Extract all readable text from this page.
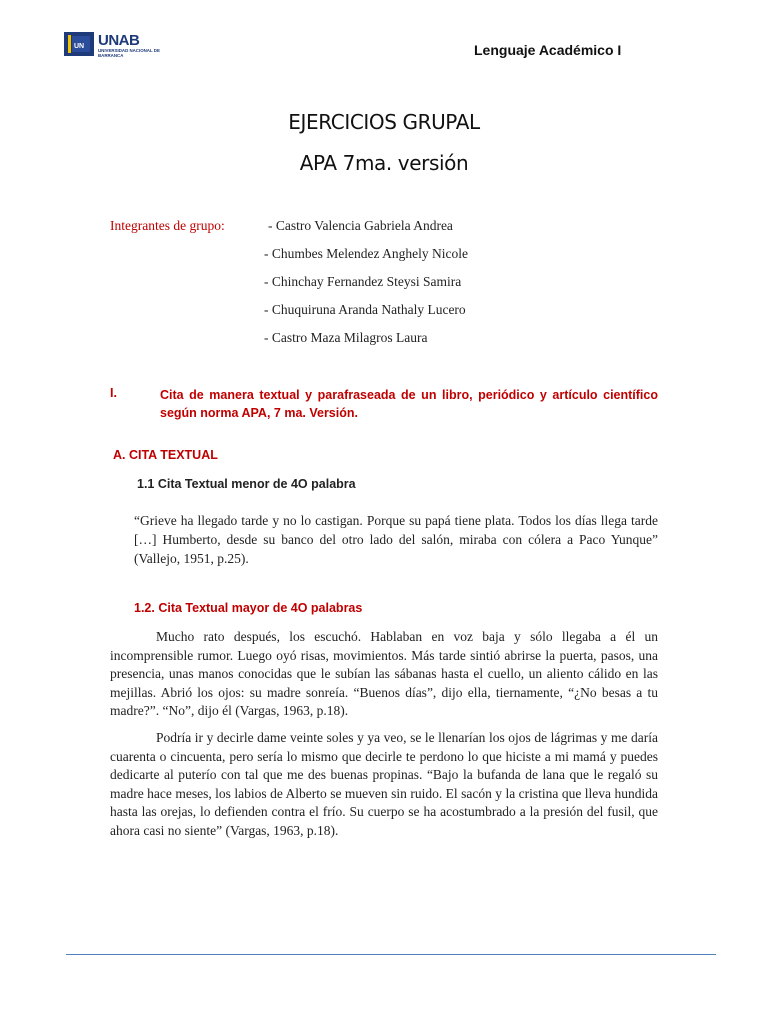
UN UNAB
UNIVERSIDAD NACIONAL DE BARRANCA	Lenguaje Académico I
EJERCICIOS GRUPAL
APA 7ma. versión
Integrantes de grupo:	- Castro Valencia Gabriela Andrea
- Chumbes Melendez Anghely Nicole
- Chinchay Fernandez Steysi Samira
- Chuquiruna Aranda Nathaly Lucero
- Castro Maza Milagros Laura
I.	Cita de manera textual y parafraseada de un libro, periódico y artículo científico según norma APA, 7 ma. Versión.
A. CITA TEXTUAL
1.1 Cita Textual menor de 4O palabra
“Grieve ha llegado tarde y no lo castigan. Porque su papá tiene plata. Todos los días llega tarde […] Humberto, desde su banco del otro lado del salón, miraba con cólera a Paco Yunque” (Vallejo, 1951, p.25).
1.2. Cita Textual mayor de 4O palabras
Mucho rato después, los escuchó. Hablaban en voz baja y sólo llegaba a él un incomprensible rumor. Luego oyó risas, movimientos. Más tarde sintió abrirse la puerta, pasos, una presencia, unas manos conocidas que le subían las sábanas hasta el cuello, un aliento cálido en las mejillas. Abrió los ojos: su madre sonreía. “Buenos días”, dijo ella, tiernamente, “¿No besas a tu madre?”. “No”, dijo él (Vargas, 1963, p.18).
Podría ir y decirle dame veinte soles y ya veo, se le llenarían los ojos de lágrimas y me daría cuarenta o cincuenta, pero sería lo mismo que decirle te perdono lo que hiciste a mi mamá y puedes dedicarte al puterío con tal que me des buenas propinas. “Bajo la bufanda de lana que le regaló su madre hace meses, los labios de Alberto se mueven sin ruido. El sacón y la cristina que lleva hundida hasta las orejas, lo defienden contra el frío. Su cuerpo se ha acostumbrado a la presión del fusil, que ahora casi no siente” (Vargas, 1963, p.18).
